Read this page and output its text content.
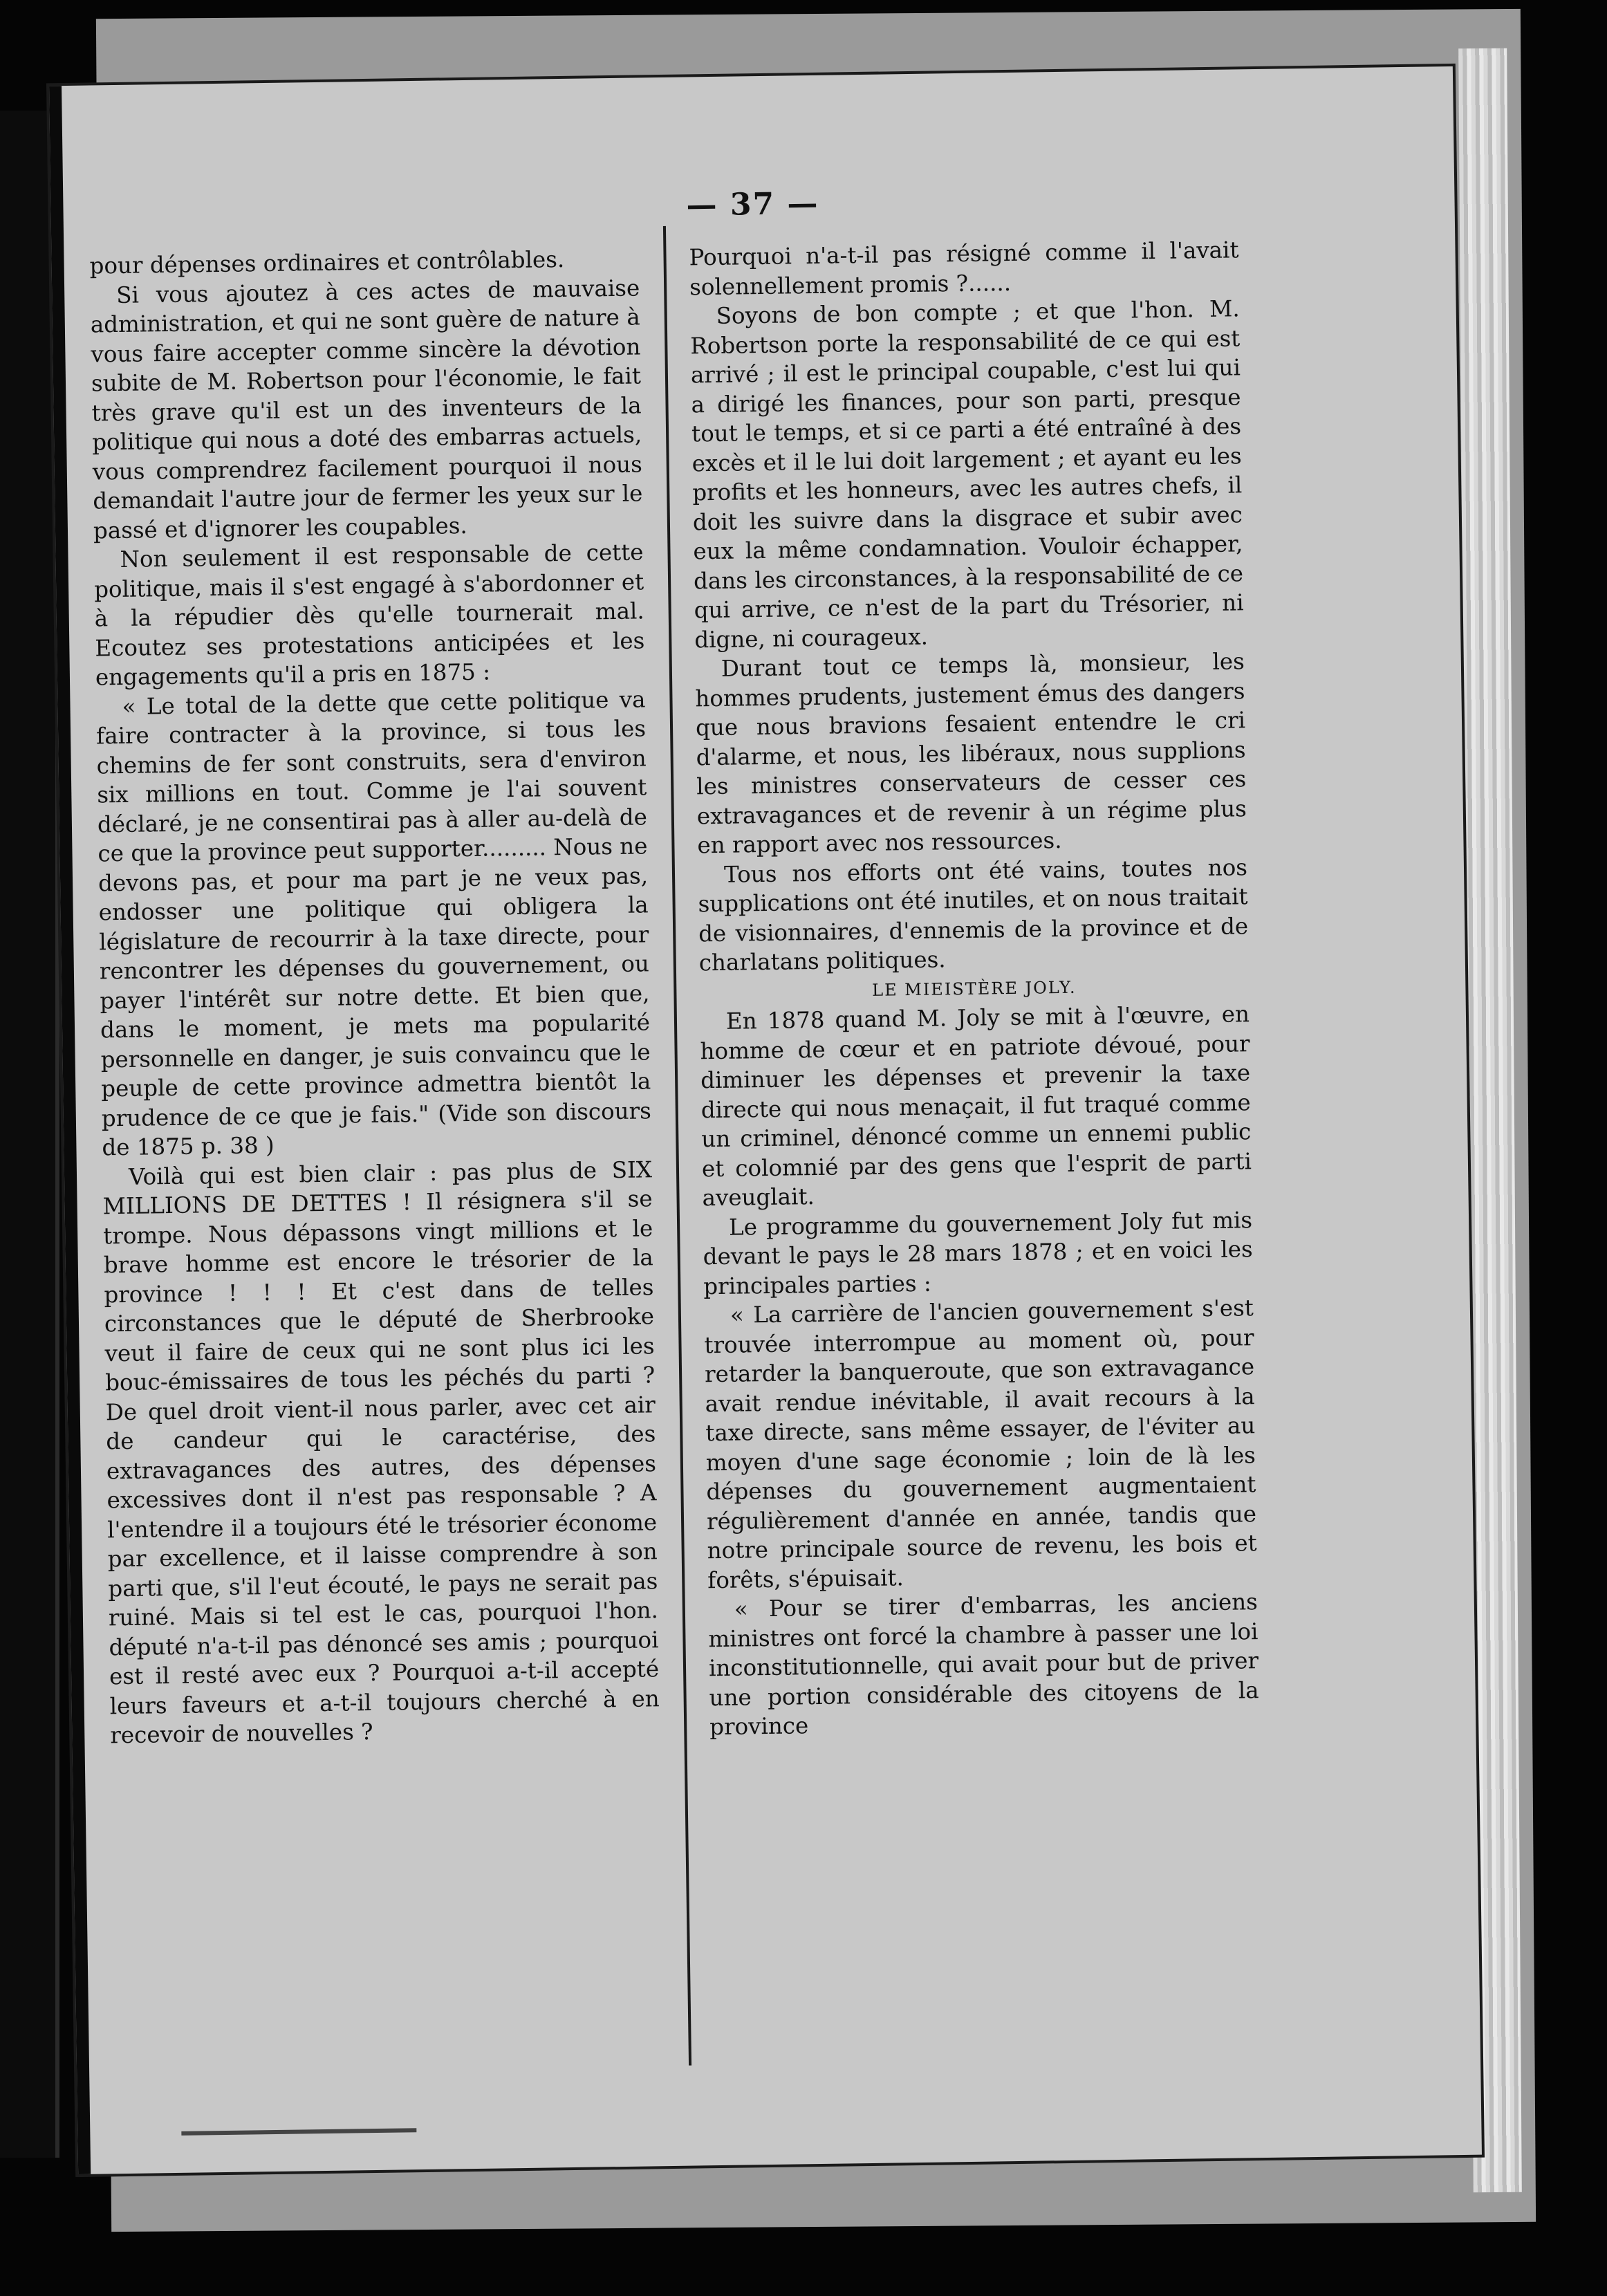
— 37 —

pour dépenses ordinaires et contrôlables.

Si vous ajoutez à ces actes de mauvaise administration, et qui ne sont guère de nature à vous faire accepter comme sincère la dévotion subite de M. Robertson pour l'économie, le fait très grave qu'il est un des inventeurs de la politique qui nous a doté des embarras actuels, vous comprendrez facilement pourquoi il nous demandait l'autre jour de fermer les yeux sur le passé et d'ignorer les coupables.

Non seulement il est responsable de cette politique, mais il s'est engagé à s'abordonner et à la répudier dès qu'elle tournerait mal. Ecoutez ses protestations anticipées et les engagements qu'il a pris en 1875 :

« Le total de la dette que cette politique va faire contracter à la province, si tous les chemins de fer sont construits, sera d'environ six millions en tout. Comme je l'ai souvent déclaré, je ne consentirai pas à aller au-delà de ce que la province peut supporter......... Nous ne devons pas, et pour ma part je ne veux pas, endosser une politique qui obligera la législature de recourrir à la taxe directe, pour rencontrer les dépenses du gouvernement, ou payer l'intérêt sur notre dette. Et bien que, dans le moment, je mets ma popularité personnelle en danger, je suis convaincu que le peuple de cette province admettra bientôt la prudence de ce que je fais." (Vide son discours de 1875 p. 38 )

Voilà qui est bien clair : pas plus de SIX MILLIONS DE DETTES ! Il résignera s'il se trompe. Nous dépassons vingt millions et le brave homme est encore le trésorier de la province ! ! ! Et c'est dans de telles circonstances que le député de Sherbrooke veut il faire de ceux qui ne sont plus ici les bouc-émissaires de tous les péchés du parti ? De quel droit vient-il nous parler, avec cet air de candeur qui le caractérise, des extravagances des autres, des dépenses excessives dont il n'est pas responsable ? A l'entendre il a toujours été le trésorier économe par excellence, et il laisse comprendre à son parti que, s'il l'eut écouté, le pays ne serait pas ruiné. Mais si tel est le cas, pourquoi l'hon. député n'a-t-il pas dénoncé ses amis ; pourquoi est il resté avec eux ? Pourquoi a-t-il accepté leurs faveurs et a-t-il toujours cherché à en recevoir de nouvelles ?

Pourquoi n'a-t-il pas résigné comme il l'avait solennellement promis ?......

Soyons de bon compte ; et que l'hon. M. Robertson porte la responsabilité de ce qui est arrivé ; il est le principal coupable, c'est lui qui a dirigé les finances, pour son parti, presque tout le temps, et si ce parti a été entraîné à des excès et il le lui doit largement ; et ayant eu les profits et les honneurs, avec les autres chefs, il doit les suivre dans la disgrace et subir avec eux la même condamnation. Vouloir échapper, dans les circonstances, à la responsabilité de ce qui arrive, ce n'est de la part du Trésorier, ni digne, ni courageux.

Durant tout ce temps là, monsieur, les hommes prudents, justement émus des dangers que nous bravions fesaient entendre le cri d'alarme, et nous, les libéraux, nous supplions les ministres conservateurs de cesser ces extravagances et de revenir à un régime plus en rapport avec nos ressources.

Tous nos efforts ont été vains, toutes nos supplications ont été inutiles, et on nous traitait de visionnaires, d'ennemis de la province et de charlatans politiques.

LE MIEISTÈRE JOLY.

En 1878 quand M. Joly se mit à l'œuvre, en homme de cœur et en patriote dévoué, pour diminuer les dépenses et prevenir la taxe directe qui nous menaçait, il fut traqué comme un criminel, dénoncé comme un ennemi public et colomnié par des gens que l'esprit de parti aveuglait.

Le programme du gouvernement Joly fut mis devant le pays le 28 mars 1878 ; et en voici les principales parties :

« La carrière de l'ancien gouvernement s'est trouvée interrompue au moment où, pour retarder la banqueroute, que son extravagance avait rendue inévitable, il avait recours à la taxe directe, sans même essayer, de l'éviter au moyen d'une sage économie ; loin de là les dépenses du gouvernement augmentaient régulièrement d'année en année, tandis que notre principale source de revenu, les bois et forêts, s'épuisait.

« Pour se tirer d'embarras, les anciens ministres ont forcé la chambre à passer une loi inconstitutionnelle, qui avait pour but de priver une portion considérable des citoyens de la province
